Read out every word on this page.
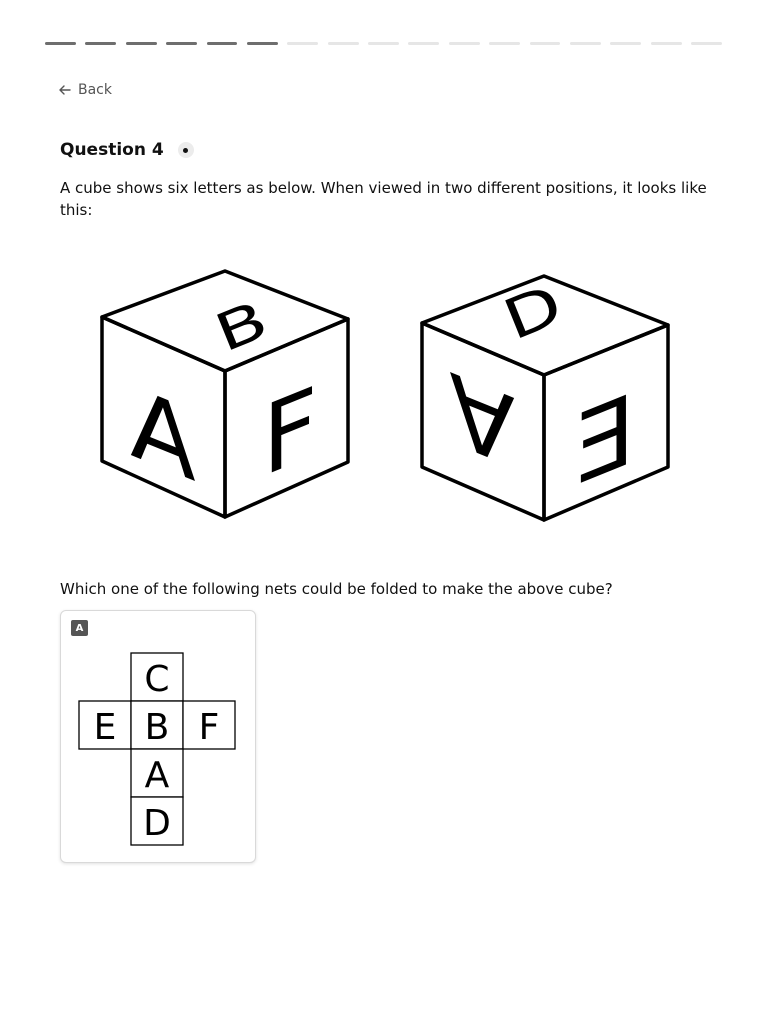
Back
Question 4
A cube shows six letters as below. When viewed in two different positions, it looks like this:
B
A F
D
A E
Which one of the following nets could be folded to make the above cube?
A
C
E B F
A
D
